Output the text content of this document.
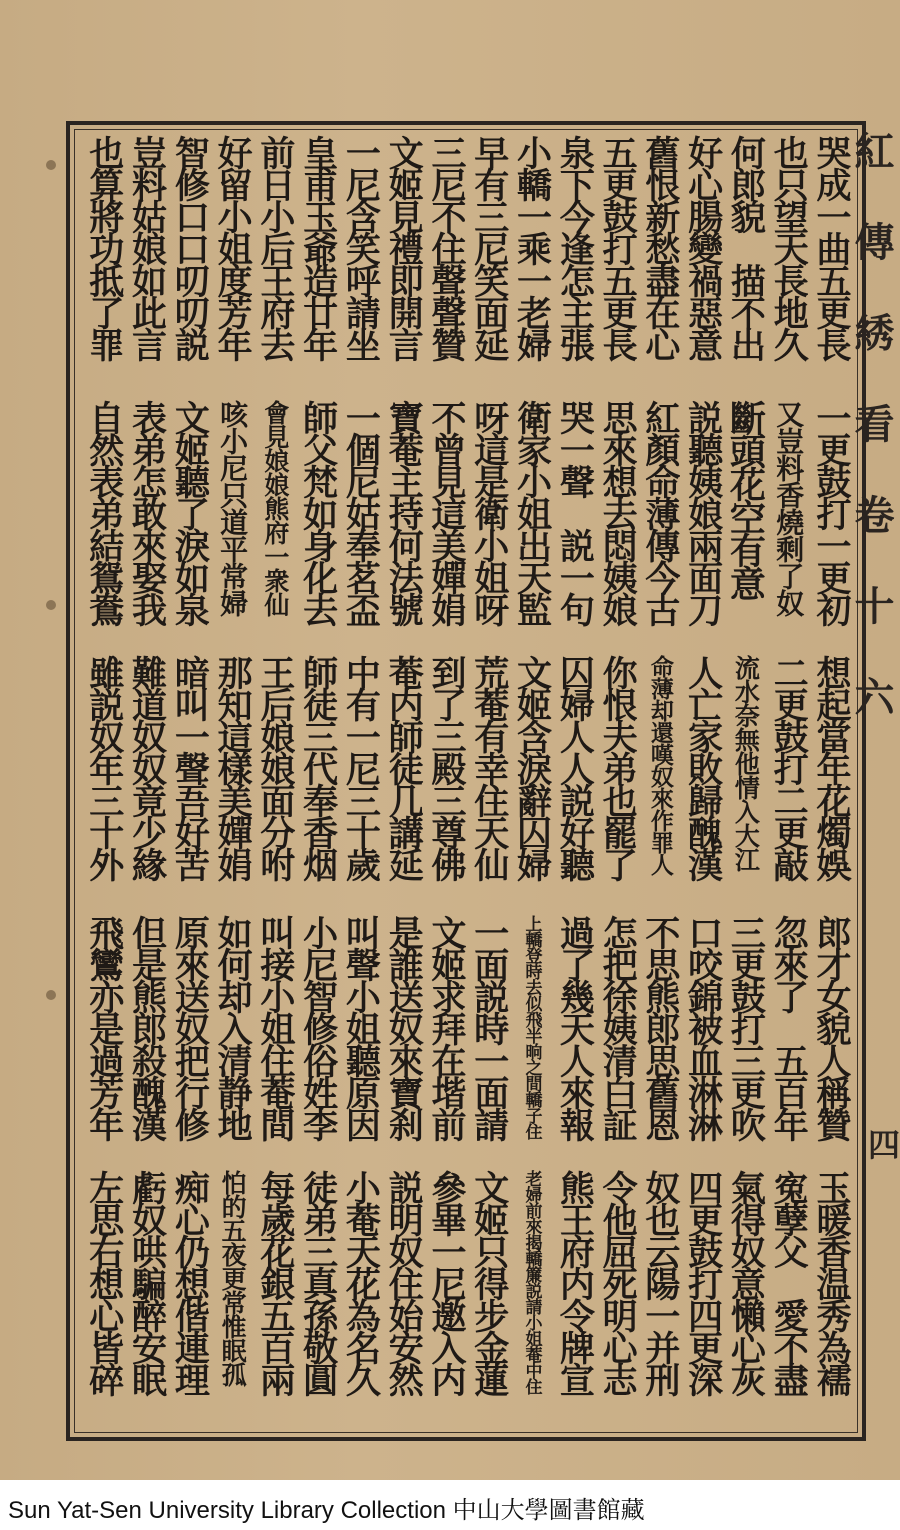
紅 傳 綉 看 卷 十 六
四
哭成一曲五更長
也只望天長地久
何郎貌　描不出
好心腸變禍惡意
舊恨新愁盡在心
五更鼓打五更長
泉下今逢怎主張
小轎一乘一老婦
早有三尼笑面延
三尼不住聲聲贊
文姬見禮即開言
一尼含笑呼請坐
皇甫玉爺造廿年
前日小后王府去
好留小姐度芳年
智修口口叨叨説
豈料姑娘如此言
也算將功抵了罪
一更鼓打一更初
又豈料香燒剩了奴
斷頭花空有意
説聽姨娘兩面刀
紅顏命薄傳今古
思來想去悶姨娘
哭一聲　説一句
衛家小姐出天監
呀這是衛小姐呀
不曾見這美嬋娟
寶菴主持何法號
一個尼姑奉茗盃
師父梵如身化去
會見娘娘熊府一衆仙
咳小尼只道平常婦
文姬聽了淚如泉
表弟怎敢來娶我
自然表弟結鴛鴦
想起當年花燭娛
二更鼓打二更敲
流水奈無他情入大江
人亡家敗歸醜漢
命薄却還嘆奴來作罪人
你恨夫弟也罷了
囚婦人人説好聽
文姬含淚辭囚婦
荒菴有幸住天仙
到了三殿三尊佛
菴内師徒几講延
中有一尼三十歲
師徒三代奉香烟
王后娘娘面分咐
那知這樣美嬋娟
暗叫一聲吾好苦
難道奴奴竟少緣
雖説奴年三十外
郎才女貌人稱贊
忽來了　五百年
三更鼓打三更吹
口咬錦被血淋淋
不思熊郎思舊恩
怎把徐姨清白証
過了幾天人來報
上轎登時去似飛半晌之間轎子住
一面説時一面請
文姬求拜在堦前
是誰送奴來寶刹
叫聲小姐聽原因
小尼智修俗姓李
叫接小姐住菴間
如何却入清静地
原來送奴把行修
但是熊郎殺醜漢
飛鸞亦是過芳年
玉暖香温秀為襦
寃孽父　愛不盡
氣得奴意懶心灰
四更鼓打四更深
奴也云陽一并刑
令他屈死明心志
熊王府内令牌宣
老婦前來揭轎簾説請小姐菴中住
文姬只得步金蓮
參畢一尼邀入内
説明奴住始安然
小菴天花為名久
徒弟三真孫敬圓
每歲花銀五百兩
怕的五夜更常惟眠孤
痴心仍想偕連理
虧奴哄騙醉安眠
左思右想心皆碎
Sun Yat-Sen University Library Collection 中山大學圖書館藏
